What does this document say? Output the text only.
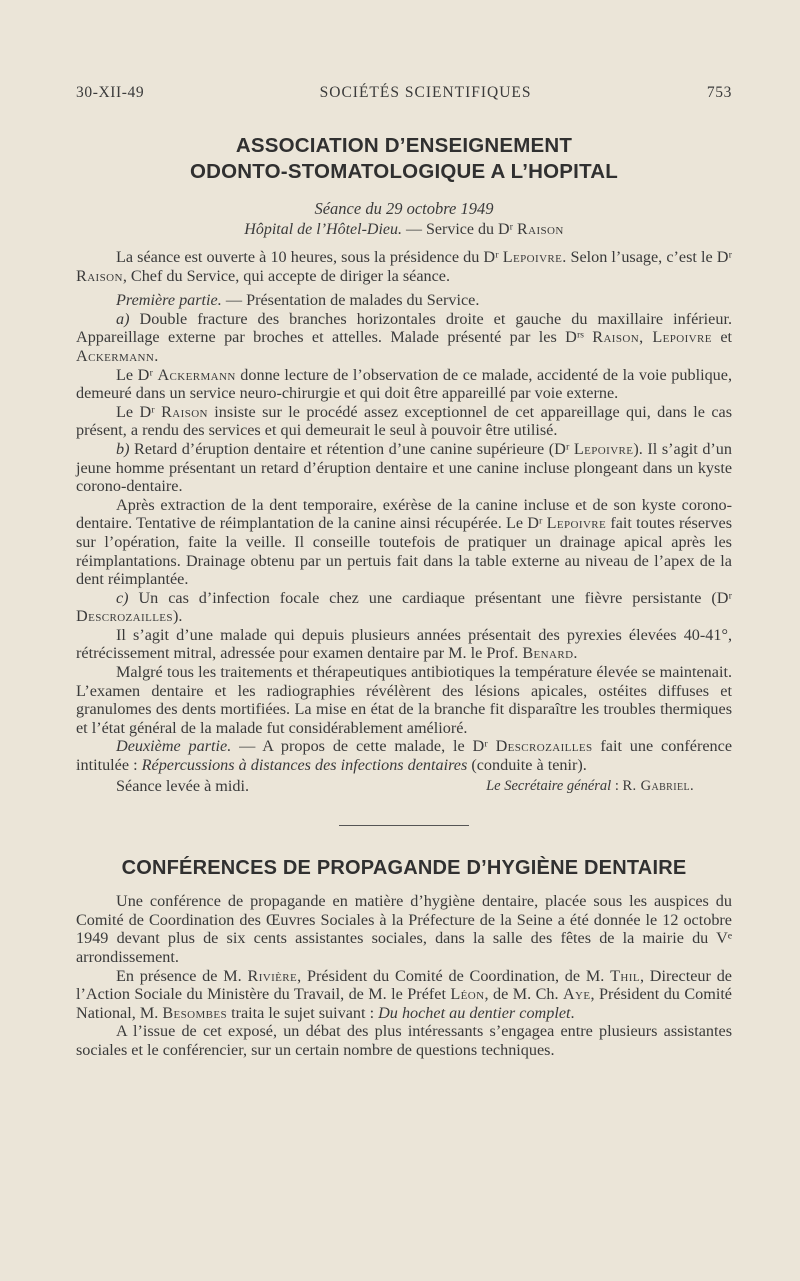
30-XII-49	SOCIÉTÉS SCIENTIFIQUES	753
ASSOCIATION D’ENSEIGNEMENT
ODONTO-STOMATOLOGIQUE A L’HOPITAL
Séance du 29 octobre 1949
Hôpital de l’Hôtel-Dieu. — Service du Dʳ Raison

La séance est ouverte à 10 heures, sous la présidence du Dʳ Lepoivre. Selon l’usage, c’est le Dʳ Raison, Chef du Service, qui accepte de diriger la séance.

Première partie. — Présentation de malades du Service.

a) Double fracture des branches horizontales droite et gauche du maxillaire inférieur. Appareillage externe par broches et attelles. Malade présenté par les Dʳˢ Raison, Lepoivre et Ackermann.

Le Dʳ Ackermann donne lecture de l’observation de ce malade, accidenté de la voie publique, demeuré dans un service neuro-chirurgie et qui doit être appareillé par voie externe.

Le Dʳ Raison insiste sur le procédé assez exceptionnel de cet appareillage qui, dans le cas présent, a rendu des services et qui demeurait le seul à pouvoir être utilisé.

b) Retard d’éruption dentaire et rétention d’une canine supérieure (Dʳ Lepoivre). Il s’agit d’un jeune homme présentant un retard d’éruption dentaire et une canine incluse plongeant dans un kyste corono-dentaire.

Après extraction de la dent temporaire, exérèse de la canine incluse et de son kyste corono-dentaire. Tentative de réimplantation de la canine ainsi récupérée. Le Dʳ Lepoivre fait toutes réserves sur l’opération, faite la veille. Il conseille toutefois de pratiquer un drainage apical après les réimplantations. Drainage obtenu par un pertuis fait dans la table externe au niveau de l’apex de la dent réimplantée.

c) Un cas d’infection focale chez une cardiaque présentant une fièvre persistante (Dʳ Descrozailles).

Il s’agit d’une malade qui depuis plusieurs années présentait des pyrexies élevées 40-41°, rétrécissement mitral, adressée pour examen dentaire par M. le Prof. Benard.

Malgré tous les traitements et thérapeutiques antibiotiques la température élevée se maintenait. L’examen dentaire et les radiographies révélèrent des lésions apicales, ostéites diffuses et granulomes des dents mortifiées. La mise en état de la branche fit disparaître les troubles thermiques et l’état général de la malade fut considérablement amélioré.

Deuxième partie. — A propos de cette malade, le Dʳ Descrozailles fait une conférence intitulée : Répercussions à distances des infections dentaires (conduite à tenir).

Séance levée à midi.	Le Secrétaire général : R. Gabriel.
CONFÉRENCES DE PROPAGANDE D’HYGIÈNE DENTAIRE

Une conférence de propagande en matière d’hygiène dentaire, placée sous les auspices du Comité de Coordination des Œuvres Sociales à la Préfecture de la Seine a été donnée le 12 octobre 1949 devant plus de six cents assistantes sociales, dans la salle des fêtes de la mairie du Vᵉ arrondissement.

En présence de M. Rivière, Président du Comité de Coordination, de M. Thil, Directeur de l’Action Sociale du Ministère du Travail, de M. le Préfet Léon, de M. Ch. Aye, Président du Comité National, M. Besombes traita le sujet suivant : Du hochet au dentier complet.

A l’issue de cet exposé, un débat des plus intéressants s’engagea entre plusieurs assistantes sociales et le conférencier, sur un certain nombre de questions techniques.
